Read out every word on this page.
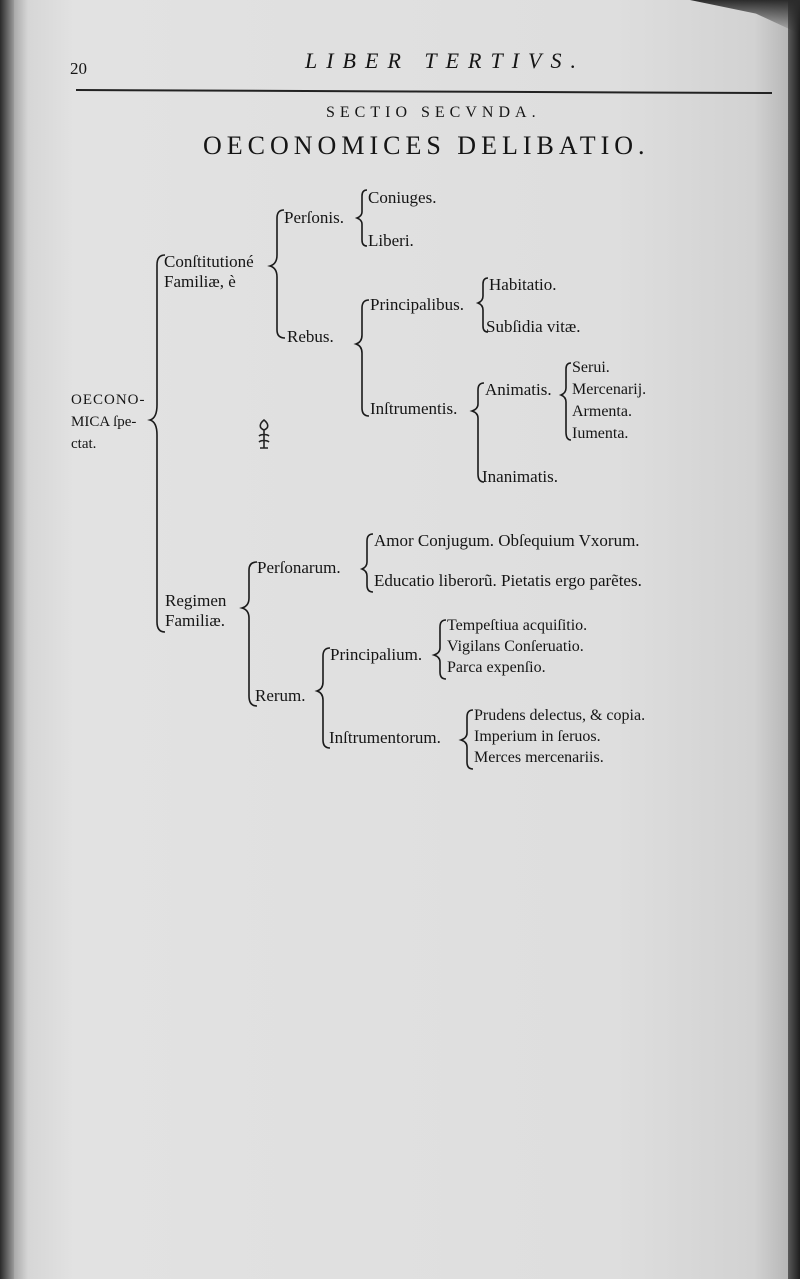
20	LIBER TERTIVS.
SECTIO SECVNDA.
OECONOMICES DELIBATIO.
OECONO-
MICA ſpe-
ctat.
Conſtitutioné
Familiæ, è
Perſonis.
Coniuges.
Liberi.
Rebus.
Principalibus.
Habitatio.
Subſidia vitæ.
Inſtrumentis.
Animatis.
Serui.
Mercenarij.
Armenta.
Iumenta.
Inanimatis.
Regimen
Familiæ.
Perſonarum.
Amor Conjugum. Obſequium Vxorum.
Educatio liberorũ. Pietatis ergo parẽtes.
Rerum.
Principalium.
Tempeſtiua acquiſitio.
Vigilans Conſeruatio.
Parca expenſio.
Inſtrumentorum.
Prudens delectus, & copia.
Imperium in ſeruos.
Merces mercenariis.
